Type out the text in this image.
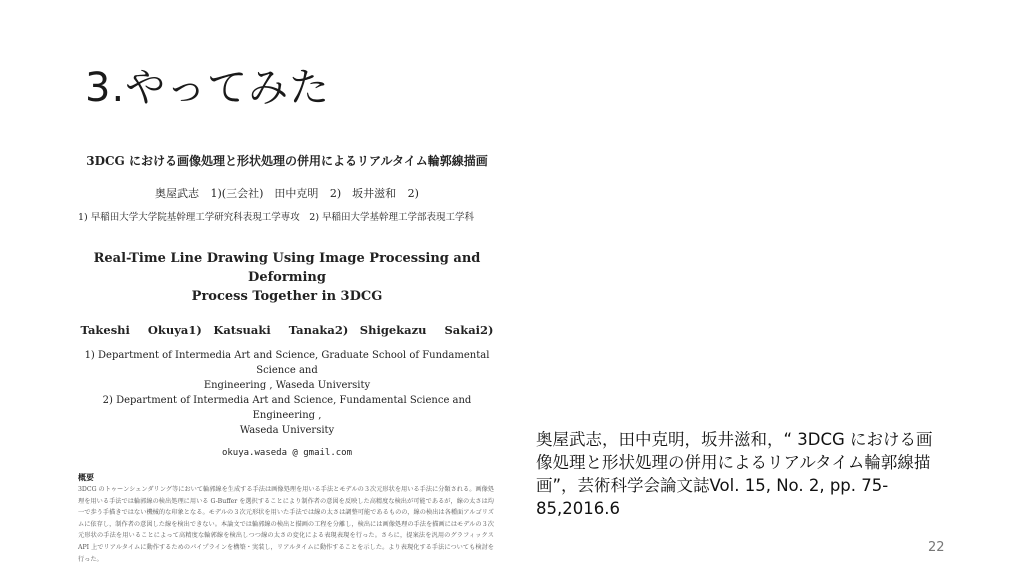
3.やってみた
3DCG における画像処理と形状処理の併用によるリアルタイム輪郭線描画
奥屋武志 1)(三会社)　田中克明 2)　坂井滋和 2)
1) 早稲田大学大学院基幹理工学研究科表現工学専攻　2) 早稲田大学基幹理工学部表現工学科
Real-Time Line Drawing Using Image Processing and Deforming
Process Together in 3DCG
Takeshi Okuya1)　Katsuaki Tanaka2)　Shigekazu Sakai2)
1) Department of Intermedia Art and Science, Graduate School of Fundamental Science and
Engineering , Waseda University
2) Department of Intermedia Art and Science, Fundamental Science and Engineering ,
Waseda University
okuya.waseda @ gmail.com
概要
3DCG のトゥーンシェンダリング等において輪郭線を生成する手法は画像処理を用いる手法とモデルの３次元形状を用いる手法に分類される。画像処理を用いる手法では輪郭線の検出処理に用いる G-Buffer を選択することにより制作者の意図を反映した高精度な検出が可能であるが，線の太さは均一で歩う手描きではない機械的な印象となる。モデルの３次元形状を用いた手法では線の太さは調整可能であるものの，線の検出は各種面アルゴリズムに依存し，制作者の意図した線を検出できない。本論文では輪郭線の検出と描画の工程を分離し，検出には画像処理の手法を描画にはモデルの３次元形状の手法を用いることによって高精度な輪郭線を検出しつつ線の太さの変化による表現表現を行った。さらに，提案法を汎用のグラフィックス API 上でリアルタイムに動作するためのパイプラインを構築・実装し，リアルタイムに動作することを示した。より表現化する手法についても検討を行った。

奥屋武志，田中克明，坂井滋和，“ 3DCG における画像処理と形状処理の併用によるリアルタイム輪郭線描画”，芸術科学会論文誌Vol. 15, No. 2, pp. 75-85,2016.6

22
